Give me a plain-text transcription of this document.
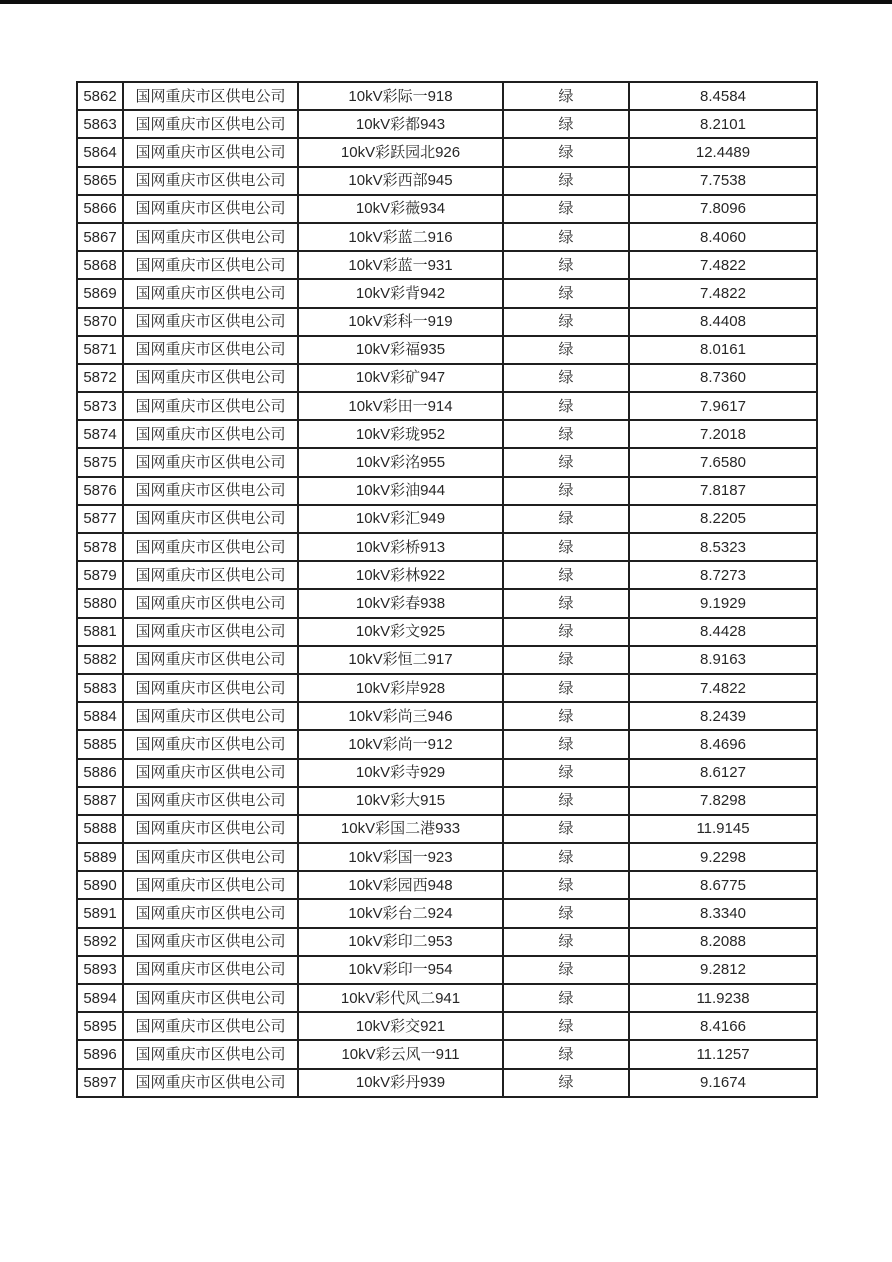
5862	国网重庆市区供电公司	10kV彩际一918	绿	8.4584
5863	国网重庆市区供电公司	10kV彩都943	绿	8.2101
5864	国网重庆市区供电公司	10kV彩跃园北926	绿	12.4489
5865	国网重庆市区供电公司	10kV彩西部945	绿	7.7538
5866	国网重庆市区供电公司	10kV彩薇934	绿	7.8096
5867	国网重庆市区供电公司	10kV彩蓝二916	绿	8.4060
5868	国网重庆市区供电公司	10kV彩蓝一931	绿	7.4822
5869	国网重庆市区供电公司	10kV彩背942	绿	7.4822
5870	国网重庆市区供电公司	10kV彩科一919	绿	8.4408
5871	国网重庆市区供电公司	10kV彩福935	绿	8.0161
5872	国网重庆市区供电公司	10kV彩矿947	绿	8.7360
5873	国网重庆市区供电公司	10kV彩田一914	绿	7.9617
5874	国网重庆市区供电公司	10kV彩珑952	绿	7.2018
5875	国网重庆市区供电公司	10kV彩洺955	绿	7.6580
5876	国网重庆市区供电公司	10kV彩油944	绿	7.8187
5877	国网重庆市区供电公司	10kV彩汇949	绿	8.2205
5878	国网重庆市区供电公司	10kV彩桥913	绿	8.5323
5879	国网重庆市区供电公司	10kV彩林922	绿	8.7273
5880	国网重庆市区供电公司	10kV彩春938	绿	9.1929
5881	国网重庆市区供电公司	10kV彩文925	绿	8.4428
5882	国网重庆市区供电公司	10kV彩恒二917	绿	8.9163
5883	国网重庆市区供电公司	10kV彩岸928	绿	7.4822
5884	国网重庆市区供电公司	10kV彩尚三946	绿	8.2439
5885	国网重庆市区供电公司	10kV彩尚一912	绿	8.4696
5886	国网重庆市区供电公司	10kV彩寺929	绿	8.6127
5887	国网重庆市区供电公司	10kV彩大915	绿	7.8298
5888	国网重庆市区供电公司	10kV彩国二港933	绿	11.9145
5889	国网重庆市区供电公司	10kV彩国一923	绿	9.2298
5890	国网重庆市区供电公司	10kV彩园西948	绿	8.6775
5891	国网重庆市区供电公司	10kV彩台二924	绿	8.3340
5892	国网重庆市区供电公司	10kV彩印二953	绿	8.2088
5893	国网重庆市区供电公司	10kV彩印一954	绿	9.2812
5894	国网重庆市区供电公司	10kV彩代风二941	绿	11.9238
5895	国网重庆市区供电公司	10kV彩交921	绿	8.4166
5896	国网重庆市区供电公司	10kV彩云风一911	绿	11.1257
5897	国网重庆市区供电公司	10kV彩丹939	绿	9.1674
